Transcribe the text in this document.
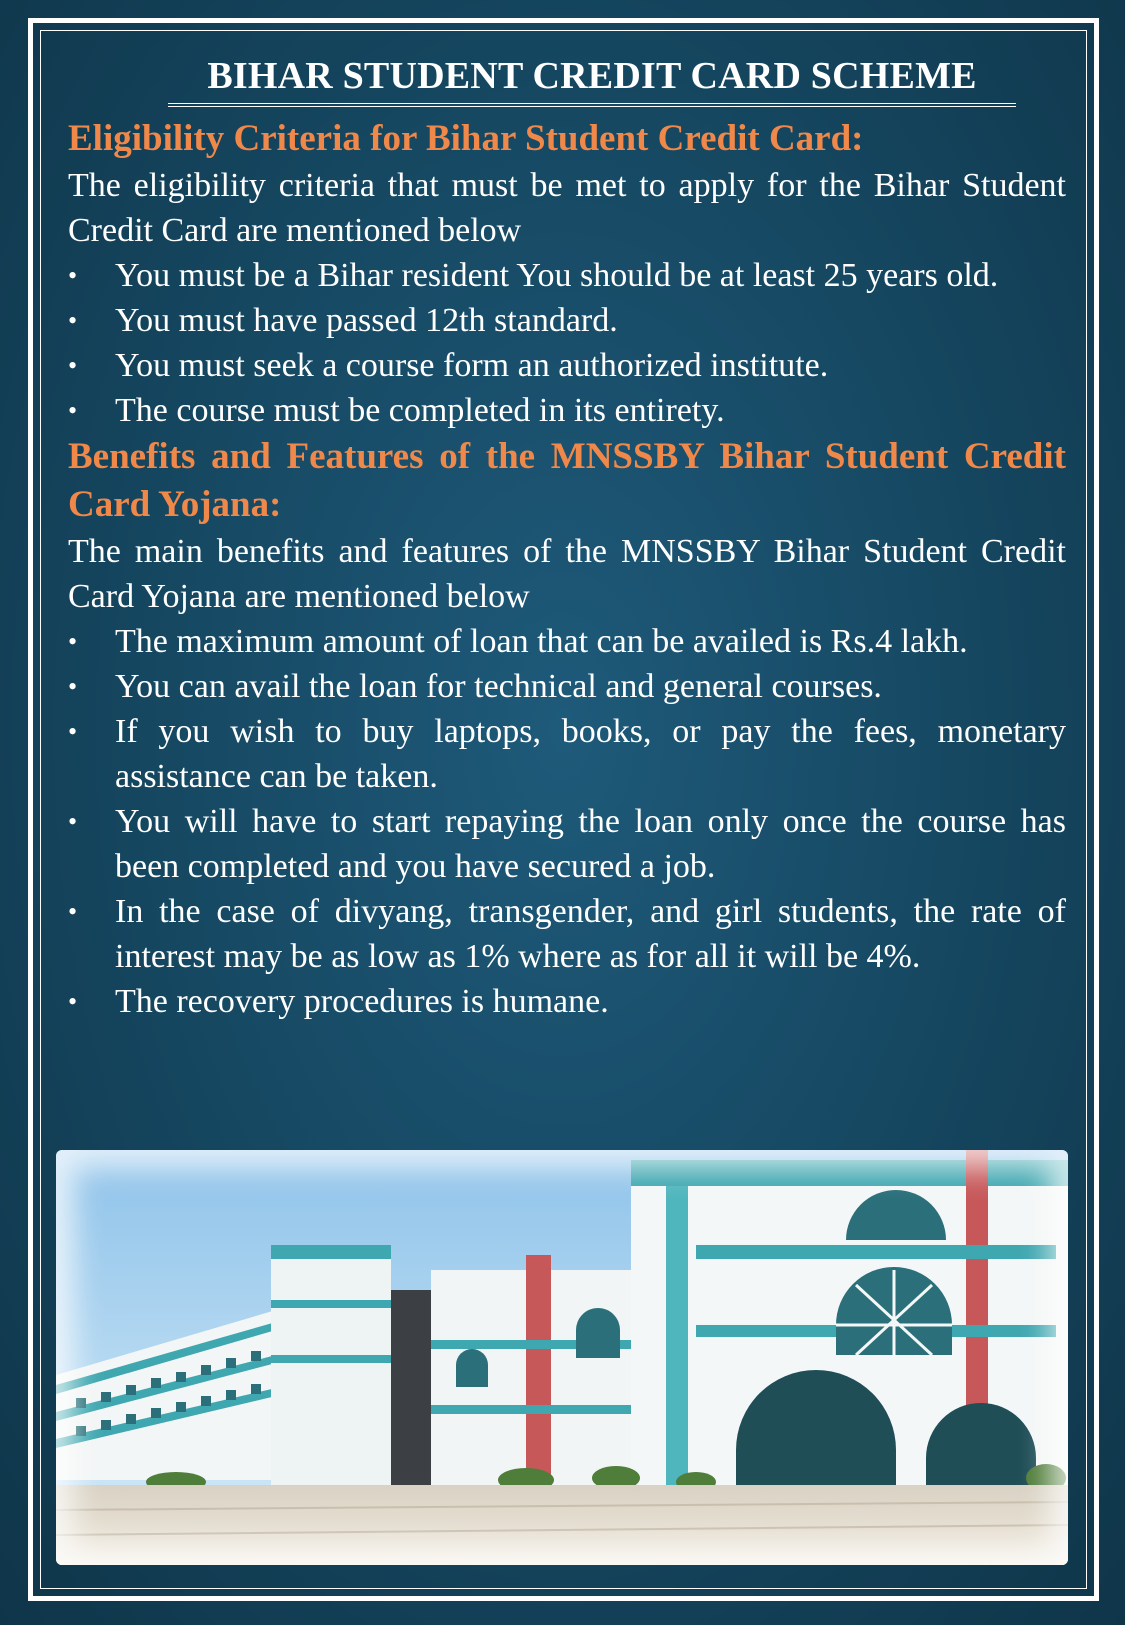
BIHAR STUDENT CREDIT CARD SCHEME
Eligibility Criteria for Bihar Student Credit Card:

The eligibility criteria that must be met to apply for the Bihar Student Credit Card are mentioned below

•	You must be a Bihar resident You should be at least 25 years old.
•	You must have passed 12th standard.
•	You must seek a course form an authorized institute.
•	The course must be completed in its entirety.
Benefits and Features of the MNSSBY Bihar Student Credit Card Yojana:

The main benefits and features of the MNSSBY Bihar Student Credit Card Yojana are mentioned below

•	The maximum amount of loan that can be availed is Rs.4 lakh.
•	You can avail the loan for technical and general courses.
•	If you wish to buy laptops, books, or pay the fees, monetary assistance can be taken.
•	You will have to start repaying the loan only once the course has been completed and you have secured a job.
•	In the case of divyang, transgender, and girl students, the rate of interest may be as low as 1% where as for all it will be 4%.
•	The recovery procedures is humane.
